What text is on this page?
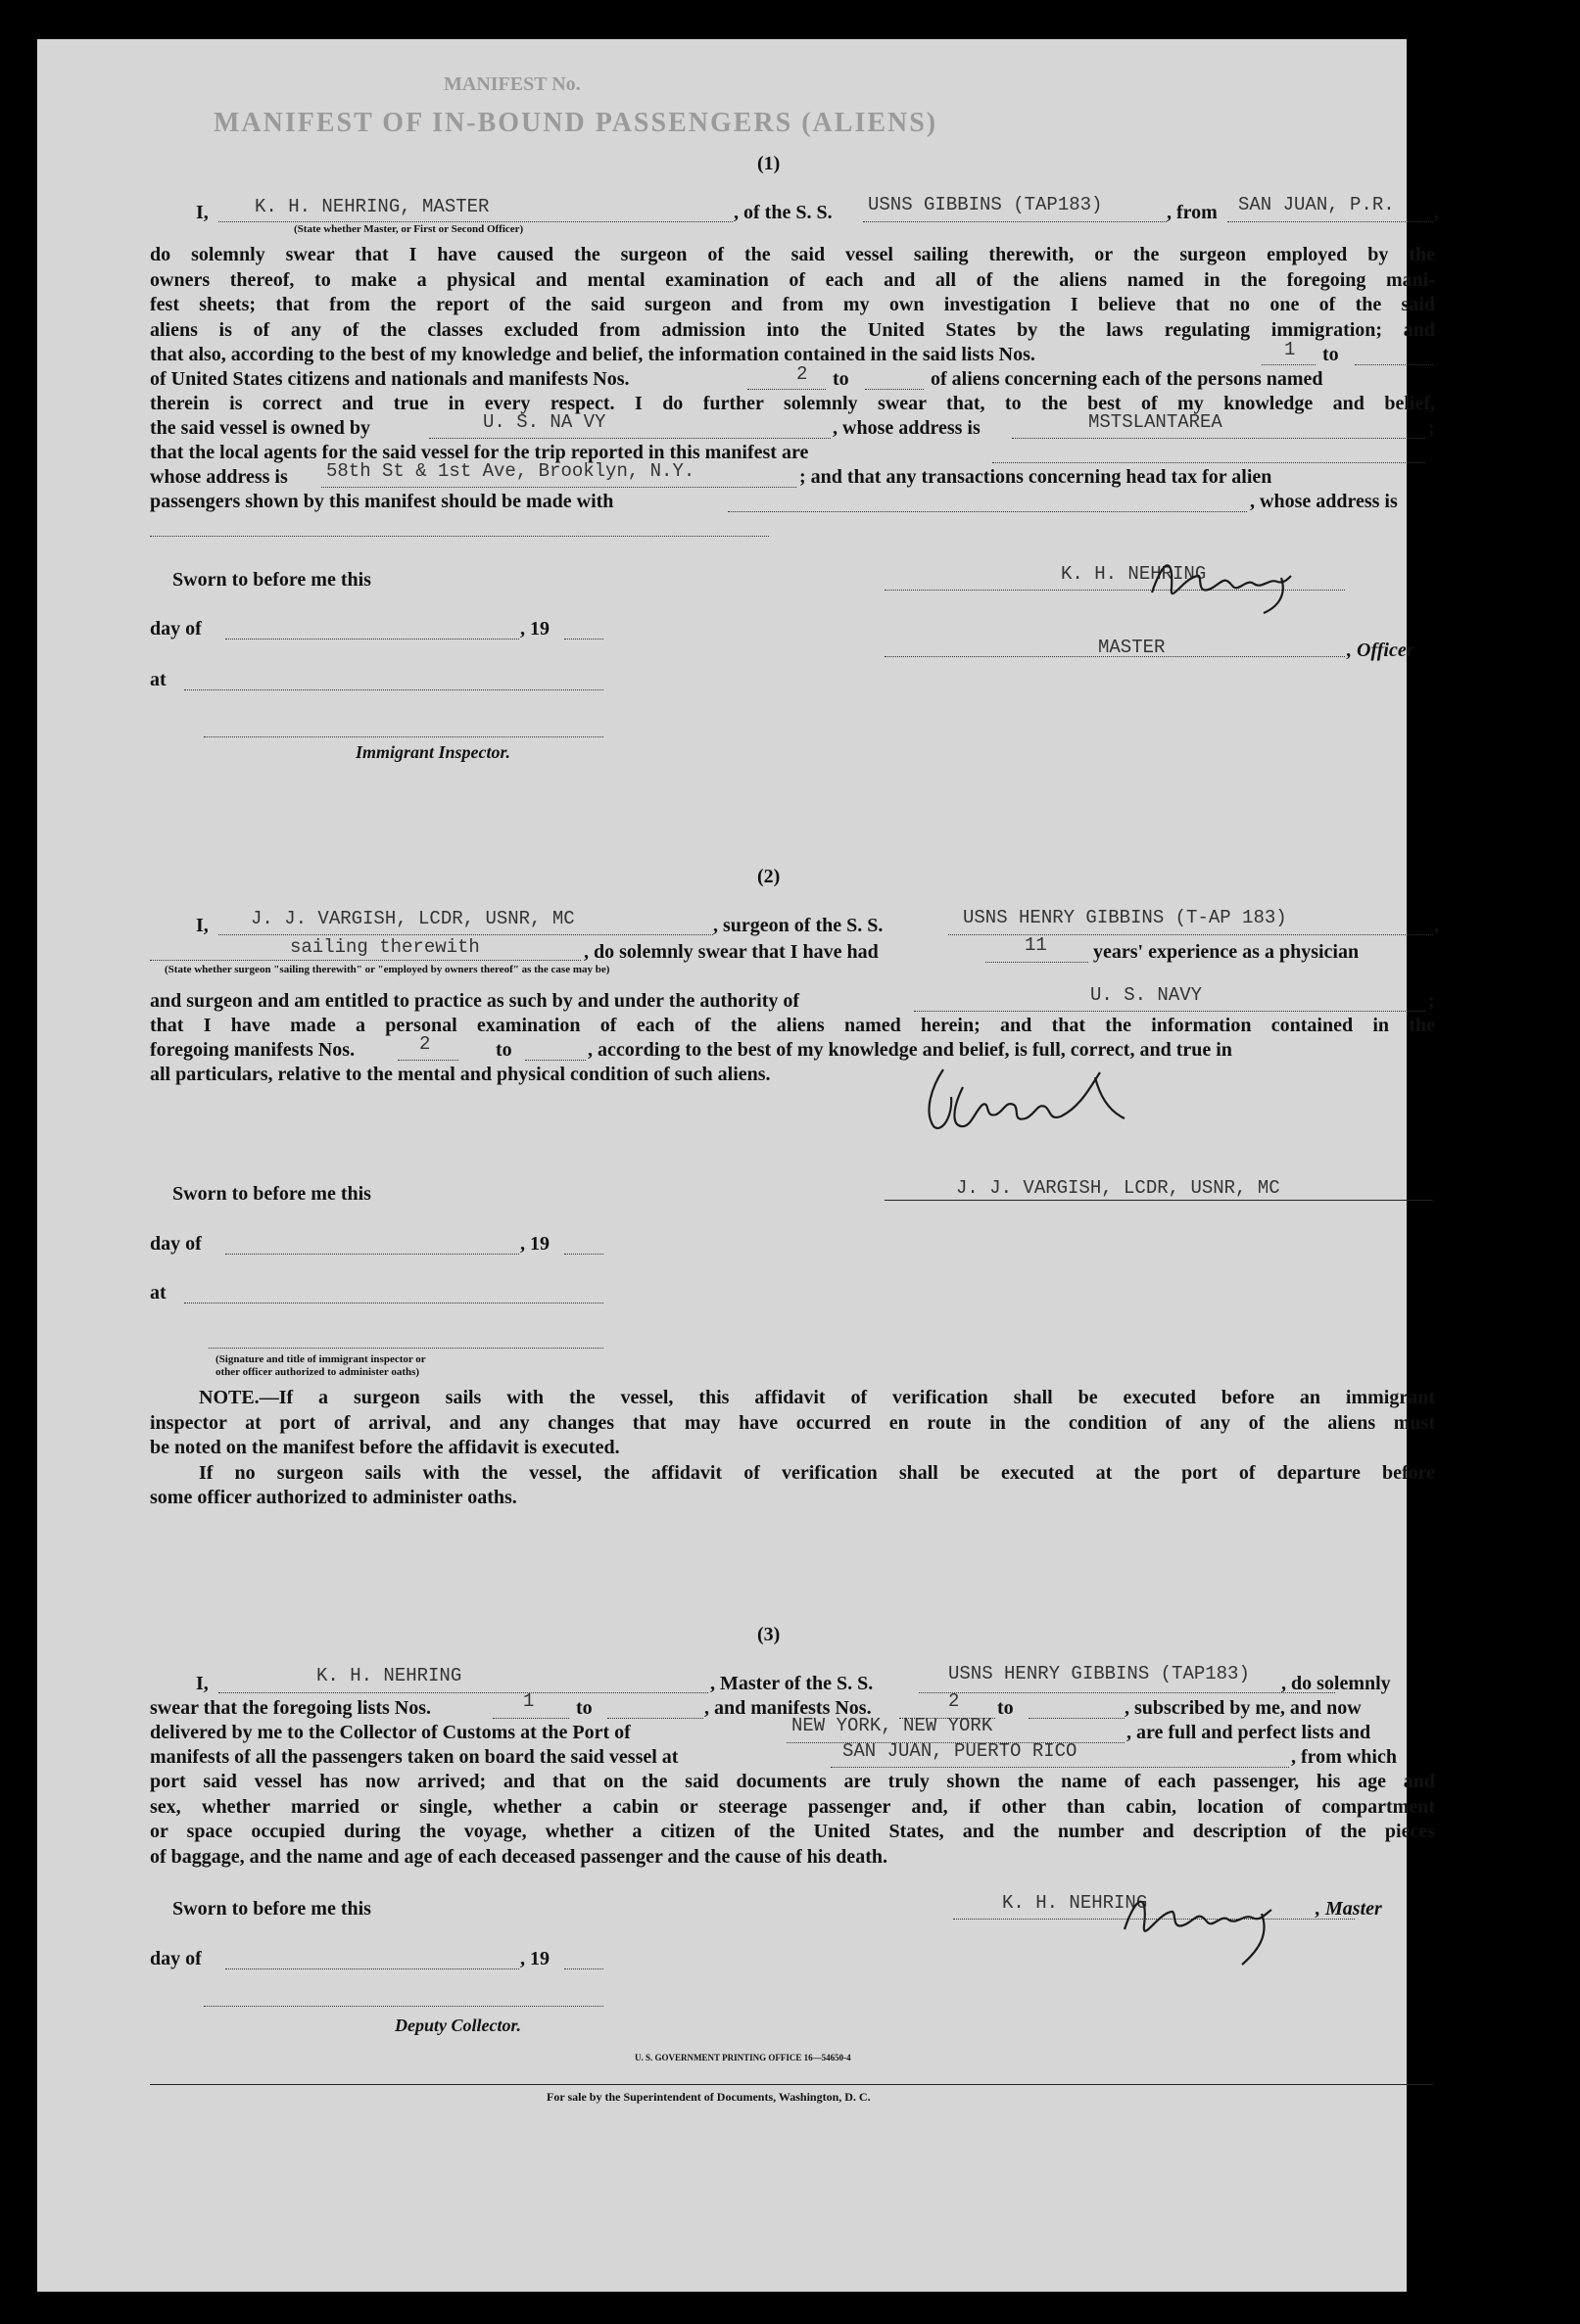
MANIFEST No.
MANIFEST OF IN-BOUND PASSENGERS (ALIENS)
(1)
I, K. H. NEHRING, MASTER
(State whether Master, or First or Second Officer)
, of the S. S. USNS GIBBINS (TAP183)	, from SAN JUAN, P.R. ,
do solemnly swear that I have caused the surgeon of the said vessel sailing therewith, or the surgeon employed by the
owners thereof, to make a physical and mental examination of each and all of the aliens named in the foregoing mani-
fest sheets; that from the report of the said surgeon and from my own investigation I believe that no one of the said
aliens is of any of the classes excluded from admission into the United States by the laws regulating immigration; and
that also, according to the best of my knowledge and belief, the information contained in the said lists Nos.	1 to
of United States citizens and nationals and manifests Nos.	2 to	of aliens concerning each of the persons named
therein is correct and true in every respect. I do further solemnly swear that, to the best of my knowledge and belief,
the said vessel is owned by	U. S. NA VY	, whose address is	MSTSLANTAREA	;
that the local agents for the said vessel for the trip reported in this manifest are
whose address is 58th St & 1st Ave, Brooklyn, N.Y.	; and that any transactions concerning head tax for alien
passengers shown by this manifest should be made with	, whose address is
Sworn to before me this	K. H. NEHRING
day of	, 19
MASTER	, Officer
at
Immigrant Inspector.
(2)
I, J. J. VARGISH, LCDR, USNR, MC	, surgeon of the S. S.	USNS HENRY GIBBINS (T-AP 183)	,
sailing therewith
(State whether surgeon "sailing therewith" or "employed by owners thereof" as the case may be)
, do solemnly swear that I have had	11 years' experience as a physician
and surgeon and am entitled to practice as such by and under the authority of	U. S. NAVY	;
that I have made a personal examination of each of the aliens named herein; and that the information contained in the
foregoing manifests Nos.	2	to	, according to the best of my knowledge and belief, is full, correct, and true in
all particulars, relative to the mental and physical condition of such aliens.
Sworn to before me this	J. J. VARGISH, LCDR, USNR, MC
day of	, 19
at
(Signature and title of immigrant inspector or
other officer authorized to administer oaths)
NOTE.—If a surgeon sails with the vessel, this affidavit of verification shall be executed before an immigrant
inspector at port of arrival, and any changes that may have occurred en route in the condition of any of the aliens must
be noted on the manifest before the affidavit is executed.
If no surgeon sails with the vessel, the affidavit of verification shall be executed at the port of departure before
some officer authorized to administer oaths.
(3)
I,	K. H. NEHRING	, Master of the S. S.	USNS HENRY GIBBINS (TAP183) , do solemnly
swear that the foregoing lists Nos.	1 to	, and manifests Nos.	2 to	, subscribed by me, and now
delivered by me to the Collector of Customs at the Port of	NEW YORK, NEW YORK	, are full and perfect lists and
manifests of all the passengers taken on board the said vessel at	SAN JUAN, PUERTO RICO	, from which
port said vessel has now arrived; and that on the said documents are truly shown the name of each passenger, his age and
sex, whether married or single, whether a cabin or steerage passenger and, if other than cabin, location of compartment
or space occupied during the voyage, whether a citizen of the United States, and the number and description of the pieces
of baggage, and the name and age of each deceased passenger and the cause of his death.
Sworn to before me this	K. H. NEHRING	, Master
day of	, 19
Deputy Collector.
U. S. GOVERNMENT PRINTING OFFICE 16—54650-4
For sale by the Superintendent of Documents, Washington, D. C.
